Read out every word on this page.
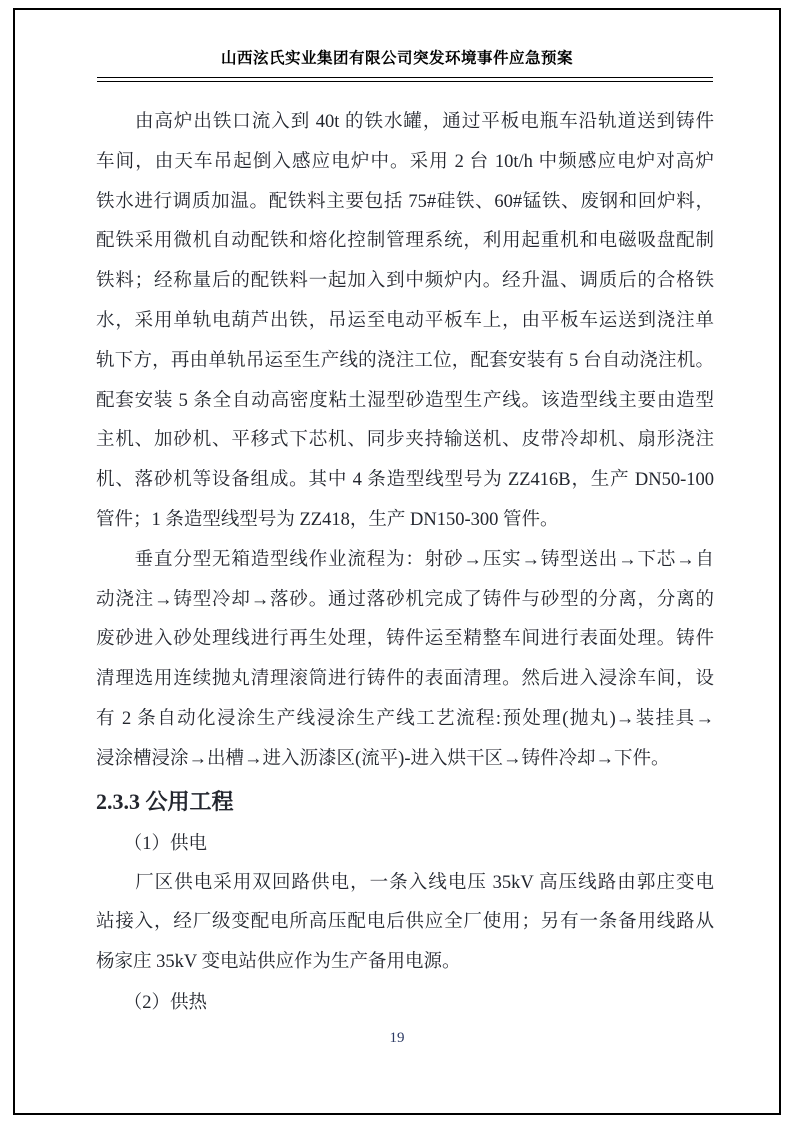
山西泫氏实业集团有限公司突发环境事件应急预案
　　由高炉出铁口流入到 40t 的铁水罐，通过平板电瓶车沿轨道送到铸件
车间，由天车吊起倒入感应电炉中。采用 2 台 10t/h 中频感应电炉对高炉
铁水进行调质加温。配铁料主要包括 75#硅铁、60#锰铁、废钢和回炉料，
配铁采用微机自动配铁和熔化控制管理系统，利用起重机和电磁吸盘配制
铁料；经称量后的配铁料一起加入到中频炉内。经升温、调质后的合格铁
水，采用单轨电葫芦出铁，吊运至电动平板车上，由平板车运送到浇注单
轨下方，再由单轨吊运至生产线的浇注工位，配套安装有 5 台自动浇注机。
配套安装 5 条全自动高密度粘土湿型砂造型生产线。该造型线主要由造型
主机、加砂机、平移式下芯机、同步夹持输送机、皮带冷却机、扇形浇注
机、落砂机等设备组成。其中 4 条造型线型号为 ZZ416B，生产 DN50-100
管件；1 条造型线型号为 ZZ418，生产 DN150-300 管件。
　　垂直分型无箱造型线作业流程为：射砂→压实→铸型送出→下芯→自
动浇注→铸型冷却→落砂。通过落砂机完成了铸件与砂型的分离，分离的
废砂进入砂处理线进行再生处理，铸件运至精整车间进行表面处理。铸件
清理选用连续抛丸清理滚筒进行铸件的表面清理。然后进入浸涂车间，设
有 2 条自动化浸涂生产线浸涂生产线工艺流程:预处理(抛丸)→装挂具→
浸涂槽浸涂→出槽→进入沥漆区(流平)-进入烘干区→铸件冷却→下件。
2.3.3 公用工程
　　（1）供电
　　厂区供电采用双回路供电，一条入线电压 35kV 高压线路由郭庄变电
站接入，经厂级变配电所高压配电后供应全厂使用；另有一条备用线路从
杨家庄 35kV 变电站供应作为生产备用电源。
　　（2）供热
19
